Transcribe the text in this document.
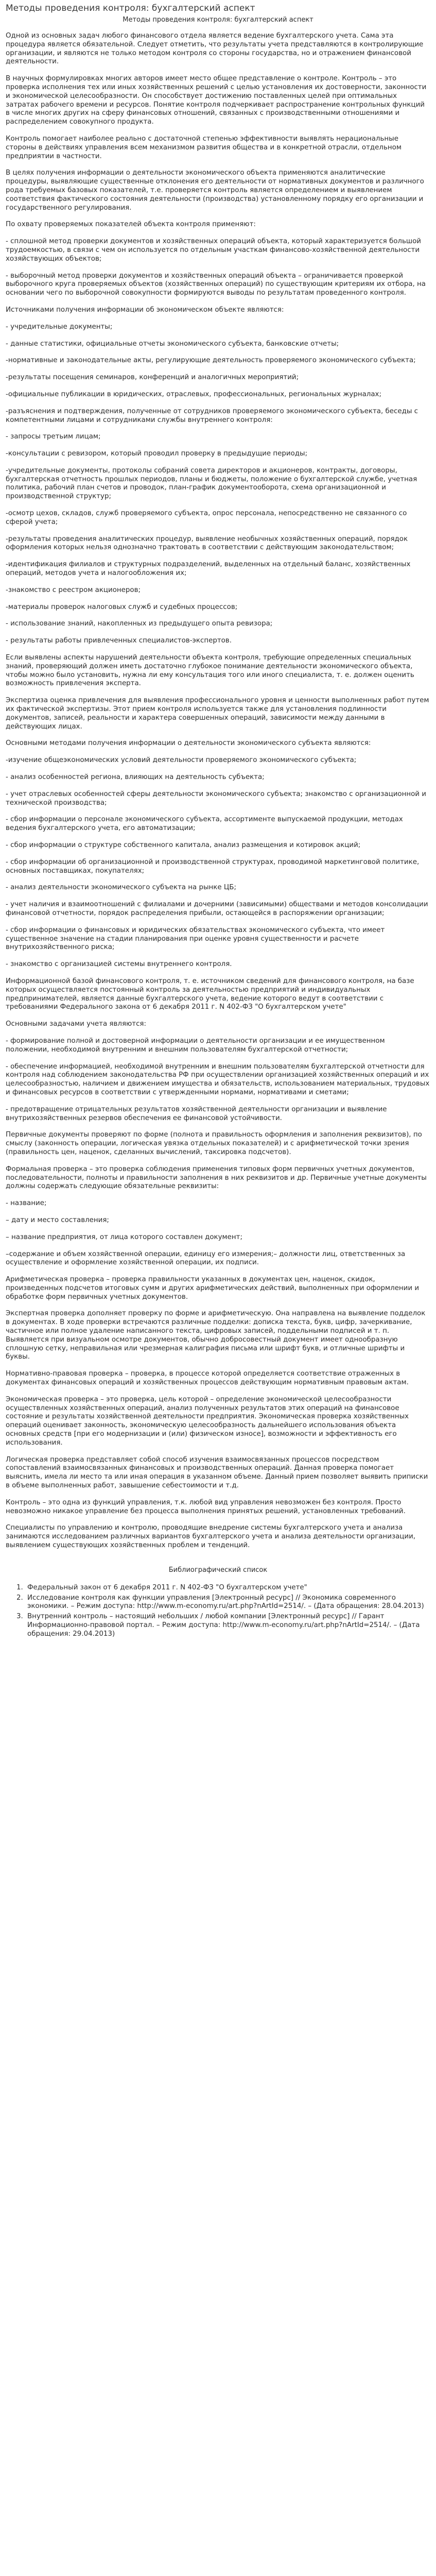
Методы проведения контроля: бухгалтерский аспект
Методы проведения контроля: бухгалтерский аспект

Одной из основных задач любого финансового отдела является ведение бухгалтерского учета. Сама эта процедура является обязательной. Следует отметить, что результаты учета представляются в контролирующие организации, и являются не только методом контроля со стороны государства, но и отражением финансовой деятельности.

В научных формулировках многих авторов имеет место общее представление о контроле. Контроль – это проверка исполнения тех или иных хозяйственных решений с целью установления их достоверности, законности и экономической целесообразности. Он способствует достижению поставленных целей при оптимальных затратах рабочего времени и ресурсов. Понятие контроля подчеркивает распространение контрольных функций в числе многих других на сферу финансовых отношений, связанных с производственными отношениями и распределением совокупного продукта.

Контроль помогает наиболее реально с достаточной степенью эффективности выявлять нерациональные стороны в действиях управления всем механизмом развития общества и в конкретной отрасли, отдельном предприятии в частности.

В целях получения информации о деятельности экономического объекта применяются аналитические процедуры, выявляющие существенные отклонения его деятельности от нормативных документов и различного рода требуемых базовых показателей, т.е. проверяется контроль является определением и выявлением соответствия фактического состояния деятельности (производства) установленному порядку его организации и государственного регулирования.

По охвату проверяемых показателей объекта контроля применяют:

- сплошной метод проверки документов и хозяйственных операций объекта, который характеризуется большой трудоемкостью, в связи с чем он используется по отдельным участкам финансово-хозяйственной деятельности хозяйствующих объектов;

- выборочный метод проверки документов и хозяйственных операций объекта – ограничивается проверкой выборочного круга проверяемых объектов (хозяйственных операций) по существующим критериям их отбора, на основании чего по выборочной совокупности формируются выводы по результатам проведенного контроля.

Источниками получения информации об экономическом объекте являются:

- учредительные документы;

- данные статистики, официальные отчеты экономического субъекта, банковские отчеты;

-нормативные и законодательные акты, регулирующие деятельность проверяемого экономического субъекта;

-результаты посещения семинаров, конференций и аналогичных мероприятий;

-официальные публикации в юридических, отраслевых, профессиональных, региональных журналах;

-разъяснения и подтверждения, полученные от сотрудников проверяемого экономического субъекта, беседы с компетентными лицами и сотрудниками службы внутреннего контроля:

- запросы третьим лицам;

-консультации с ревизором, который проводил проверку в предыдущие периоды;

-учредительные документы, протоколы собраний совета директоров и акционеров, контракты, договоры, бухгалтерская отчетность прошлых периодов, планы и бюджеты, положение о бухгалтерской службе, учетная политика, рабочий план счетов и проводок, план-график документооборота, схема организационной и производственной структур;

-осмотр цехов, складов, служб проверяемого субъекта, опрос персонала, непосредственно не связанного со сферой учета;

-результаты проведения аналитических процедур, выявление необычных хозяйственных операций, порядок оформления которых нельзя однозначно трактовать в соответствии с действующим законодательством;

-идентификация филиалов и структурных подразделений, выделенных на отдельный баланс, хозяйственных операций, методов учета и налогообложения их;

-знакомство с реестром акционеров;

-материалы проверок налоговых служб и судебных процессов;

- использование знаний, накопленных из предыдущего опыта ревизора;

- результаты работы привлеченных специалистов-экспертов.

Если выявлены аспекты нарушений деятельности объекта контроля, требующие определенных специальных знаний, проверяющий должен иметь достаточно глубокое понимание деятельности экономического объекта, чтобы можно было установить, нужна ли ему консультация того или иного специалиста, т. е. должен оценить возможность привлечения эксперта.

Экспертиза оценка привлечения для выявления профессионального уровня и ценности выполненных работ путем их фактической экспертизы. Этот прием контроля используется также для установления подлинности документов, записей, реальности и характера совершенных операций, зависимости между данными в действующих лицах.

Основными методами получения информации о деятельности экономического субъекта являются:

-изучение общеэкономических условий деятельности проверяемого экономического субъекта;

- анализ особенностей региона, влияющих на деятельность субъекта;

- учет отраслевых особенностей сферы деятельности экономического субъекта; знакомство с организационной и технической производства;

- сбор информации о персонале экономического субъекта, ассортименте выпускаемой продукции, методах ведения бухгалтерского учета, его автоматизации;

- сбор информации о структуре собственного капитала, анализ размещения и котировок акций;

- сбор информации об организационной и производственной структурах, проводимой маркетинговой политике, основных поставщиках, покупателях;

- анализ деятельности экономического субъекта на рынке ЦБ;

- учет наличия и взаимоотношений с филиалами и дочерними (зависимыми) обществами и методов консолидации финансовой отчетности, порядок распределения прибыли, остающейся в распоряжении организации;

- сбор информации о финансовых и юридических обязательствах экономического субъекта, что имеет существенное значение на стадии планирования при оценке уровня существенности и расчете внутрихозяйственного риска;

- знакомство с организацией системы внутреннего контроля.

Информационной базой финансового контроля, т. е. источником сведений для финансового контроля, на базе которых осуществляется постоянный контроль за деятельностью предприятий и индивидуальных предпринимателей, является данные бухгалтерского учета, ведение которого ведут в соответствии с требованиями Федерального закона от 6 декабря 2011 г. N 402-ФЗ "О бухгалтерском учете"

Основными задачами учета являются:

- формирование полной и достоверной информации о деятельности организации и ее имущественном положении, необходимой внутренним и внешним пользователям бухгалтерской отчетности;

- обеспечение информацией, необходимой внутренним и внешним пользователям бухгалтерской отчетности для контроля над соблюдением законодательства РФ при осуществлении организацией хозяйственных операций и их целесообразностью, наличием и движением имущества и обязательств, использованием материальных, трудовых и финансовых ресурсов в соответствии с утвержденными нормами, нормативами и сметами;

- предотвращение отрицательных результатов хозяйственной деятельности организации и выявление внутрихозяйственных резервов обеспечения ее финансовой устойчивости.

Первичные документы проверяют по форме (полнота и правильность оформления и заполнения реквизитов), по смыслу (законность операции, логическая увязка отдельных показателей) и с арифметической точки зрения (правильность цен, наценок, сделанных вычислений, таксировка подсчетов).

Формальная проверка – это проверка соблюдения применения типовых форм первичных учетных документов, последовательности, полноты и правильности заполнения в них реквизитов и др. Первичные учетные документы должны содержать следующие обязательные реквизиты:

- название;

– дату и место составления;

– название предприятия, от лица которого составлен документ;

–содержание и объем хозяйственной операции, единицу его измерения;– должности лиц, ответственных за осуществление и оформление хозяйственной операции, их подписи.

Арифметическая проверка – проверка правильности указанных в документах цен, наценок, скидок, произведенных подсчетов итоговых сумм и других арифметических действий, выполненных при оформлении и обработке форм первичных учетных документов.

Экспертная проверка дополняет проверку по форме и арифметическую. Она направлена на выявление подделок в документах. В ходе проверки встречаются различные подделки: дописка текста, букв, цифр, зачеркивание, частичное или полное удаление написанного текста, цифровых записей, поддельными подписей и т. п. Выявляется при визуальном осмотре документов, обычно добросовестный документ имеет однообразную сплошную сетку, неправильная или чрезмерная калиграфия письма или шрифт букв, и отличные шрифты и буквы.

Нормативно-правовая проверка – проверка, в процессе которой определяется соответствие отраженных в документах финансовых операций и хозяйственных процессов действующим нормативным правовым актам.

Экономическая проверка – это проверка, цель которой – определение экономической целесообразности осуществленных хозяйственных операций, анализ полученных результатов этих операций на финансовое состояние и результаты хозяйственной деятельности предприятия. Экономическая проверка хозяйственных операций оценивает законность, экономическую целесообразность дальнейшего использования объекта основных средств [при его модернизации и (или) физическом износе], возможности и эффективность его использования.

Логическая проверка представляет собой способ изучения взаимосвязанных процессов посредством сопоставлений взаимосвязанных финансовых и производственных операций. Данная проверка помогает выяснить, имела ли место та или иная операция в указанном объеме. Данный прием позволяет выявить приписки в объеме выполненных работ, завышение себестоимости и т.д.

Контроль – это одна из функций управления, т.к. любой вид управления невозможен без контроля. Просто невозможно никакое управление без процесса выполнения принятых решений, установленных требований.

Специалисты по управлению и контролю, проводящие внедрение системы бухгалтерского учета и анализа занимаются исследованием различных вариантов бухгалтерского учета и анализа деятельности организации, выявлением существующих хозяйственных проблем и тенденций.

Библиографический список
1. Федеральный закон от 6 декабря 2011 г. N 402-ФЗ "О бухгалтерском учете"
2. Исследование контроля как функции управления [Электронный ресурс] // Экономика современного экономики. – Режим доступа: http://www.m-economy.ru/art.php?nArtId=2514/. – (Дата обращения: 28.04.2013)
3. Внутренний контроль – настоящий небольших / любой компании [Электронный ресурс] // Гарант Информационно-правовой портал. – Режим доступа: http://www.m-economy.ru/art.php?nArtId=2514/. – (Дата обращения: 29.04.2013)
